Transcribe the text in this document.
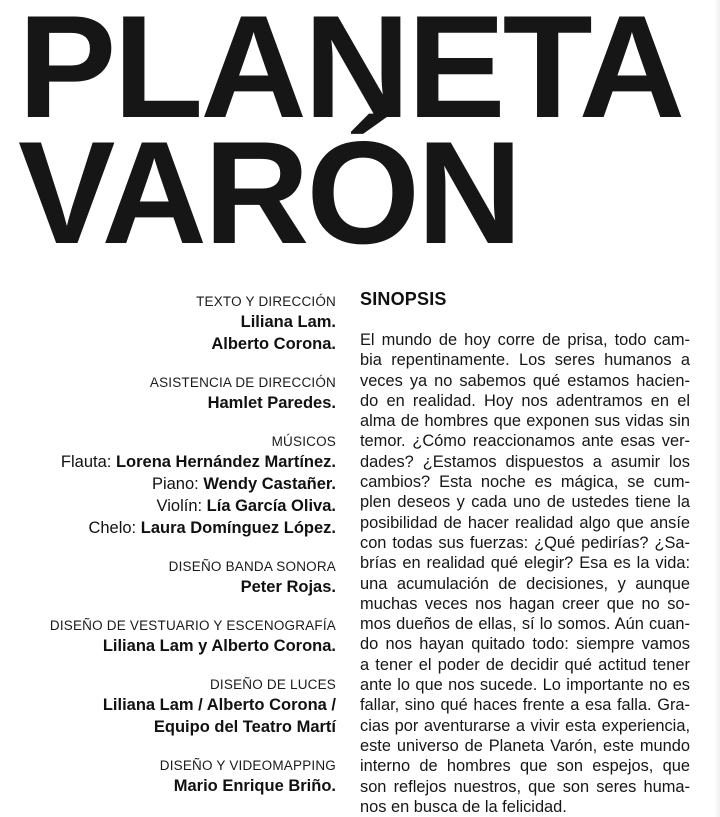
PLANETA
VARÓN
TEXTO Y DIRECCIÓN
Liliana Lam.
Alberto Corona.
ASISTENCIA DE DIRECCIÓN
Hamlet Paredes.
MÚSICOS
Flauta: Lorena Hernández Martínez.
Piano: Wendy Castañer.
Violín: Lía García Oliva.
Chelo: Laura Domínguez López.
DISEÑO BANDA SONORA
Peter Rojas.
DISEÑO DE VESTUARIO Y ESCENOGRAFÍA
Liliana Lam y Alberto Corona.
DISEÑO DE LUCES
Liliana Lam / Alberto Corona /
Equipo del Teatro Martí
DISEÑO Y VIDEOMAPPING
Mario Enrique Briño.
SINOPSIS
El mundo de hoy corre de prisa, todo cam-
bia repentinamente. Los seres humanos a
veces ya no sabemos qué estamos hacien-
do en realidad. Hoy nos adentramos en el
alma de hombres que exponen sus vidas sin
temor. ¿Cómo reaccionamos ante esas ver-
dades? ¿Estamos dispuestos a asumir los
cambios? Esta noche es mágica, se cum-
plen deseos y cada uno de ustedes tiene la
posibilidad de hacer realidad algo que ansíe
con todas sus fuerzas: ¿Qué pedirías? ¿Sa-
brías en realidad qué elegir? Esa es la vida:
una acumulación de decisiones, y aunque
muchas veces nos hagan creer que no so-
mos dueños de ellas, sí lo somos. Aún cuan-
do nos hayan quitado todo: siempre vamos
a tener el poder de decidir qué actitud tener
ante lo que nos sucede. Lo importante no es
fallar, sino qué haces frente a esa falla. Gra-
cias por aventurarse a vivir esta experiencia,
este universo de Planeta Varón, este mundo
interno de hombres que son espejos, que
son reflejos nuestros, que son seres huma-
nos en busca de la felicidad.
